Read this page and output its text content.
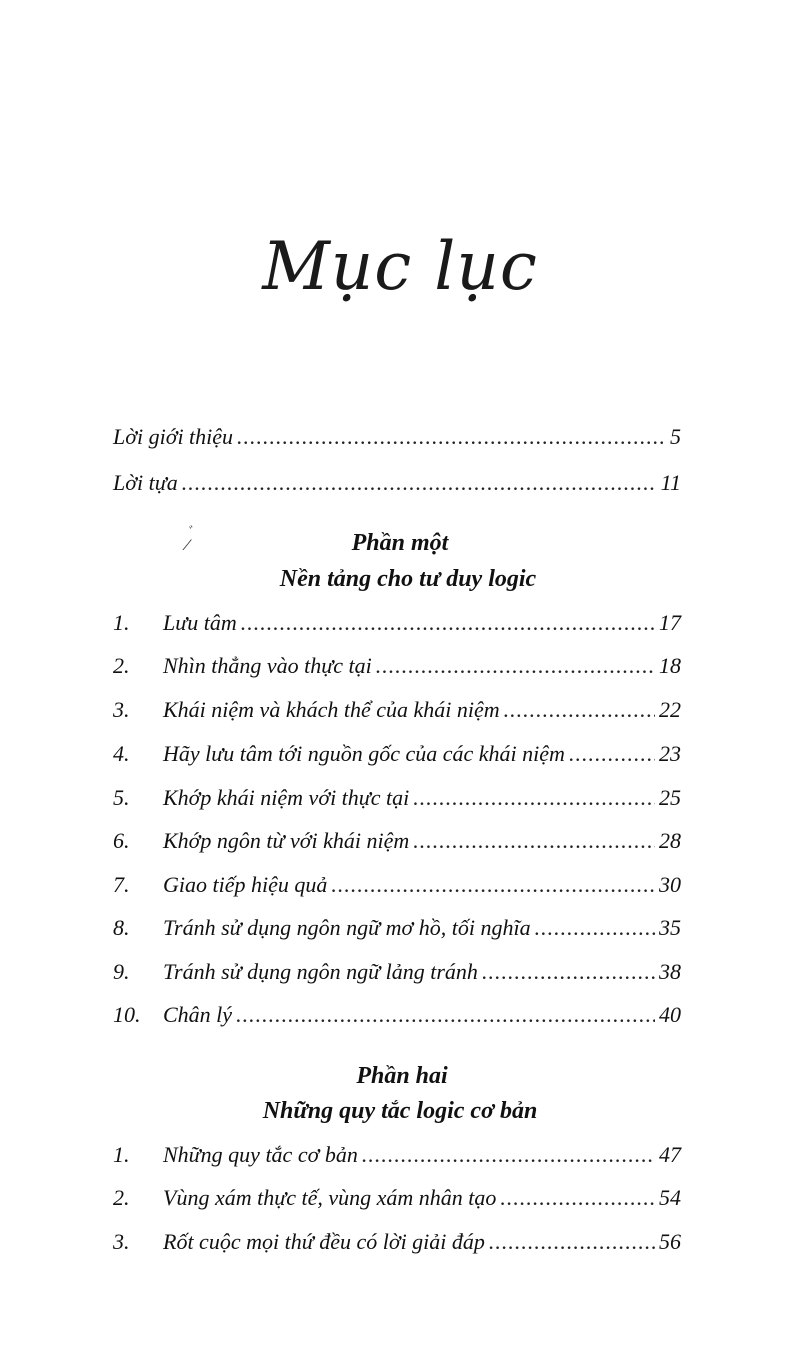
Mục lục
Lời giới thiệu .....	5
Lời tựa .....	11
ﾞ
⁄	Phần một
Nền tảng cho tư duy logic
1.	Lưu tâm .....	17
2.	Nhìn thẳng vào thực tại .....	18
3.	Khái niệm và khách thể của khái niệm .....	22
4.	Hãy lưu tâm tới nguồn gốc của các khái niệm .....	23
5.	Khớp khái niệm với thực tại .....	25
6.	Khớp ngôn từ với khái niệm .....	28
7.	Giao tiếp hiệu quả .....	30
8.	Tránh sử dụng ngôn ngữ mơ hồ, tối nghĩa .....	35
9.	Tránh sử dụng ngôn ngữ lảng tránh .....	38
10.	Chân lý .....	40
Phần hai
Những quy tắc logic cơ bản
1.	Những quy tắc cơ bản .....	47
2.	Vùng xám thực tế, vùng xám nhân tạo .....	54
3.	Rốt cuộc mọi thứ đều có lời giải đáp .....	56
